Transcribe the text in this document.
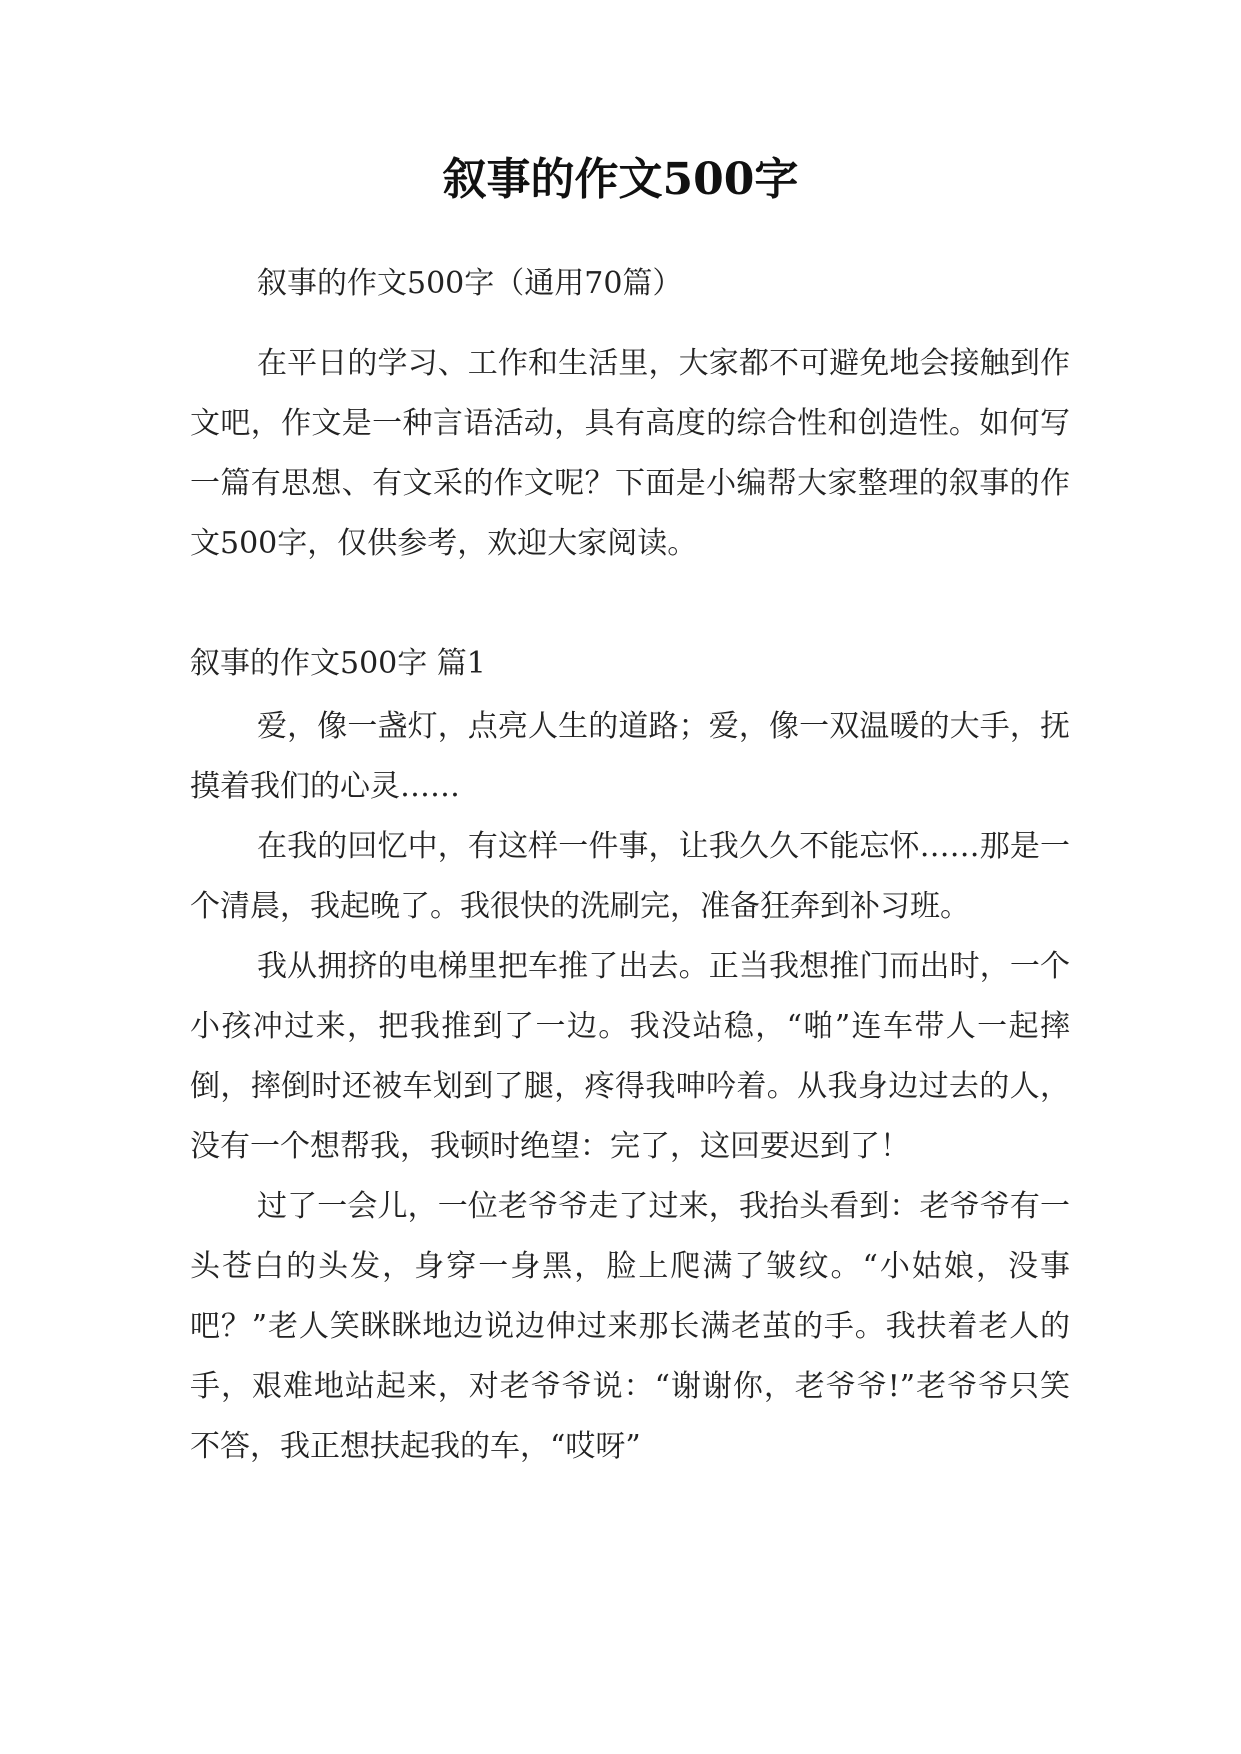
叙事的作文500字

叙事的作文500字（通用70篇）

在平日的学习、工作和生活里，大家都不可避免地会接触到作文吧，作文是一种言语活动，具有高度的综合性和创造性。如何写一篇有思想、有文采的作文呢？下面是小编帮大家整理的叙事的作文500字，仅供参考，欢迎大家阅读。

叙事的作文500字 篇1

爱，像一盏灯，点亮人生的道路；爱，像一双温暖的大手，抚摸着我们的心灵……

在我的回忆中，有这样一件事，让我久久不能忘怀……那是一个清晨，我起晚了。我很快的洗刷完，准备狂奔到补习班。

我从拥挤的电梯里把车推了出去。正当我想推门而出时，一个小孩冲过来，把我推到了一边。我没站稳，“啪”连车带人一起摔倒，摔倒时还被车划到了腿，疼得我呻吟着。从我身边过去的人，没有一个想帮我，我顿时绝望：完了，这回要迟到了！

过了一会儿，一位老爷爷走了过来，我抬头看到：老爷爷有一头苍白的头发，身穿一身黑，脸上爬满了皱纹。“小姑娘，没事吧？”老人笑眯眯地边说边伸过来那长满老茧的手。我扶着老人的手，艰难地站起来，对老爷爷说：“谢谢你，老爷爷!”老爷爷只笑不答，我正想扶起我的车，“哎呀”
